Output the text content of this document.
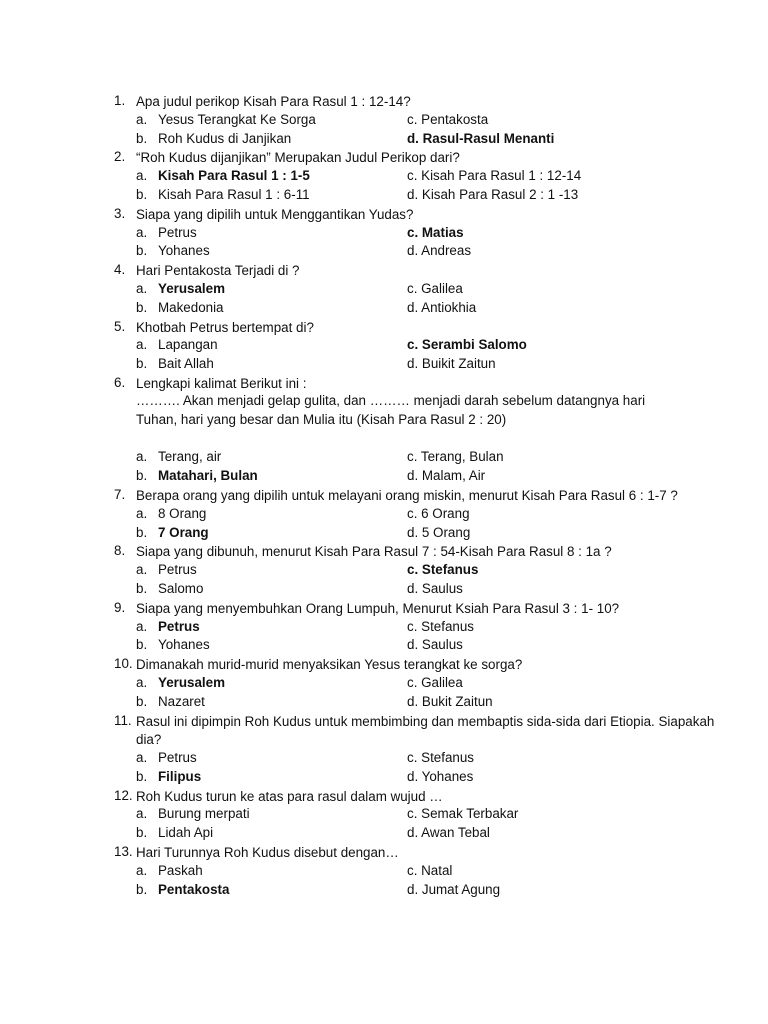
1. Apa judul perikop Kisah Para Rasul 1 : 12-14?
a. Yesus Terangkat Ke Sorga	c. Pentakosta
b. Roh Kudus di Janjikan	d. Rasul-Rasul Menanti
2. “Roh Kudus dijanjikan” Merupakan Judul Perikop dari?
a. Kisah Para Rasul 1 : 1-5	c. Kisah Para Rasul 1 : 12-14
b. Kisah Para Rasul 1 : 6-11	d. Kisah Para Rasul 2 : 1 -13
3. Siapa yang dipilih untuk Menggantikan Yudas?
a. Petrus	c. Matias
b. Yohanes	d. Andreas
4. Hari Pentakosta Terjadi di ?
a. Yerusalem	c. Galilea
b. Makedonia	d. Antiokhia
5. Khotbah Petrus bertempat di?
a. Lapangan	c. Serambi Salomo
b. Bait Allah	d. Buikit Zaitun
6. Lengkapi kalimat Berikut ini :
………. Akan menjadi gelap gulita, dan ……… menjadi darah sebelum datangnya hari Tuhan, hari yang besar dan Mulia itu (Kisah Para Rasul 2 : 20)
a. Terang, air	c. Terang, Bulan
b. Matahari, Bulan	d. Malam, Air
7. Berapa orang yang dipilih untuk melayani orang miskin, menurut Kisah Para Rasul 6 : 1-7 ?
a. 8 Orang	c. 6 Orang
b. 7 Orang	d. 5 Orang
8. Siapa yang dibunuh, menurut Kisah Para Rasul 7 : 54-Kisah Para Rasul 8 : 1a ?
a. Petrus	c. Stefanus
b. Salomo	d. Saulus
9. Siapa yang menyembuhkan Orang Lumpuh, Menurut Ksiah Para Rasul 3 : 1- 10?
a. Petrus	c. Stefanus
b. Yohanes	d. Saulus
10. Dimanakah murid-murid menyaksikan Yesus terangkat ke sorga?
a. Yerusalem	c. Galilea
b. Nazaret	d. Bukit Zaitun
11. Rasul ini dipimpin Roh Kudus untuk membimbing dan membaptis sida-sida dari Etiopia. Siapakah
dia?
a. Petrus	c. Stefanus
b. Filipus	d. Yohanes
12. Roh Kudus turun ke atas para rasul dalam wujud …
a. Burung merpati	c. Semak Terbakar
b. Lidah Api	d. Awan Tebal
13. Hari Turunnya Roh Kudus disebut dengan…
a. Paskah	c. Natal
b. Pentakosta	d. Jumat Agung
